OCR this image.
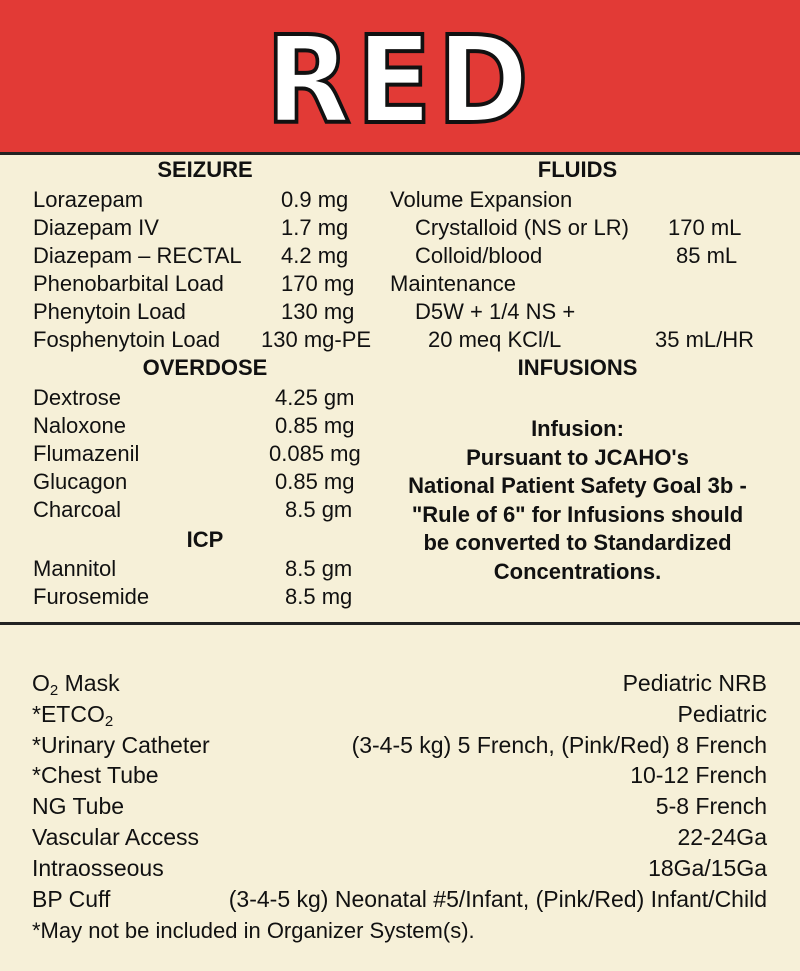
RED
SEIZURE
Lorazepam	0.9 mg
Diazepam IV	1.7 mg
Diazepam – RECTAL 4.2 mg
Phenobarbital Load	170 mg
Phenytoin Load	130 mg
Fosphenytoin Load 130 mg-PE
OVERDOSE
Dextrose	4.25 gm
Naloxone	0.85 mg
Flumazenil	0.085 mg
Glucagon	0.85 mg
Charcoal	8.5 gm
ICP
Mannitol	8.5 gm
Furosemide	8.5 mg
FLUIDS
Volume Expansion
Crystalloid (NS or LR) 170 mL
Colloid/blood	85 mL
Maintenance
D5W + 1/4 NS +
20 meq KCl/L	35 mL/HR
INFUSIONS
Infusion:
Pursuant to JCAHO's
National Patient Safety Goal 3b -
"Rule of 6" for Infusions should
be converted to Standardized
Concentrations.
$O_2$ Mask	Pediatric NRB
$*ETCO_2$	Pediatric
*Urinary Catheter	(3-4-5 kg) 5 French, (Pink/Red) 8 French
*Chest Tube	10-12 French
NG Tube	5-8 French
Vascular Access	22-24Ga
Intraosseous	18Ga/15Ga
BP Cuff	(3-4-5 kg) Neonatal #5/Infant, (Pink/Red) Infant/Child
*May not be included in Organizer System(s).
